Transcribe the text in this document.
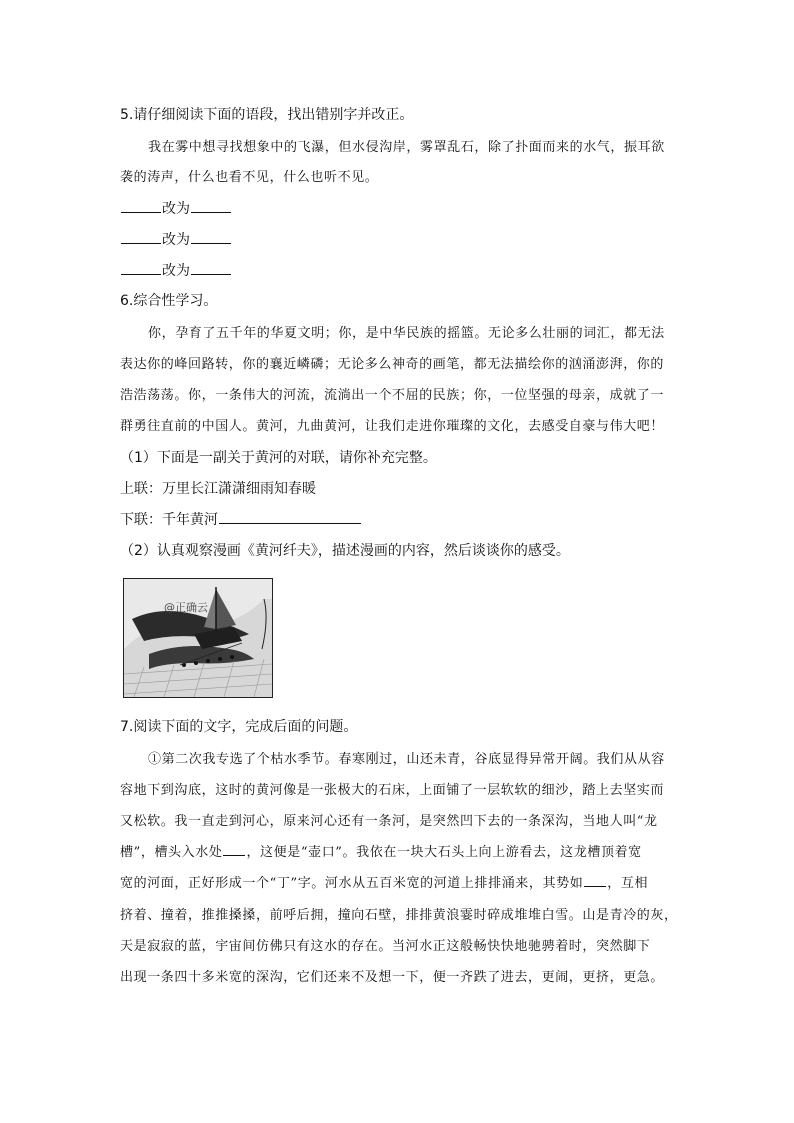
5.请仔细阅读下面的语段，找出错别字并改正。
我在雾中想寻找想象中的飞瀑，但水侵沟岸，雾罩乱石，除了扑面而来的水气，振耳欲
袭的涛声，什么也看不见，什么也听不见。
改为
改为
改为
6.综合性学习。
你，孕育了五千年的华夏文明；你，是中华民族的摇篮。无论多么壮丽的词汇，都无法
表达你的峰回路转，你的襄近嶙磷；无论多么神奇的画笔，都无法描绘你的汹涌澎湃，你的
浩浩荡荡。你，一条伟大的河流，流淌出一个不屈的民族；你，一位坚强的母亲，成就了一
群勇往直前的中国人。黄河，九曲黄河，让我们走进你璀璨的文化，去感受自豪与伟大吧！
（1）下面是一副关于黄河的对联，请你补充完整。
上联：万里长江潇潇细雨知春暖
下联：千年黄河
（2）认真观察漫画《黄河纤夫》，描述漫画的内容，然后谈谈你的感受。
@正确云
7.阅读下面的文字，完成后面的问题。
①第二次我专选了个枯水季节。春寒刚过，山还未青，谷底显得异常开阔。我们从从容
容地下到沟底，这时的黄河像是一张极大的石床，上面铺了一层软软的细沙，踏上去坚实而
又松软。我一直走到河心，原来河心还有一条河，是突然凹下去的一条深沟，当地人叫“龙
槽”，槽头入水处 ，这便是“壶口”。我依在一块大石头上向上游看去，这龙槽顶着宽
宽的河面，正好形成一个“丁”字。河水从五百米宽的河道上排排涌来，其势如 ，互相
挤着、撞着，推推搡搡，前呼后拥，撞向石壁，排排黄浪霎时碎成堆堆白雪。山是青冷的灰，
天是寂寂的蓝，宇宙间仿佛只有这水的存在。当河水正这般畅快快地驰骋着时，突然脚下
出现一条四十多米宽的深沟，它们还来不及想一下，便一齐跌了进去，更闹，更挤，更急。
